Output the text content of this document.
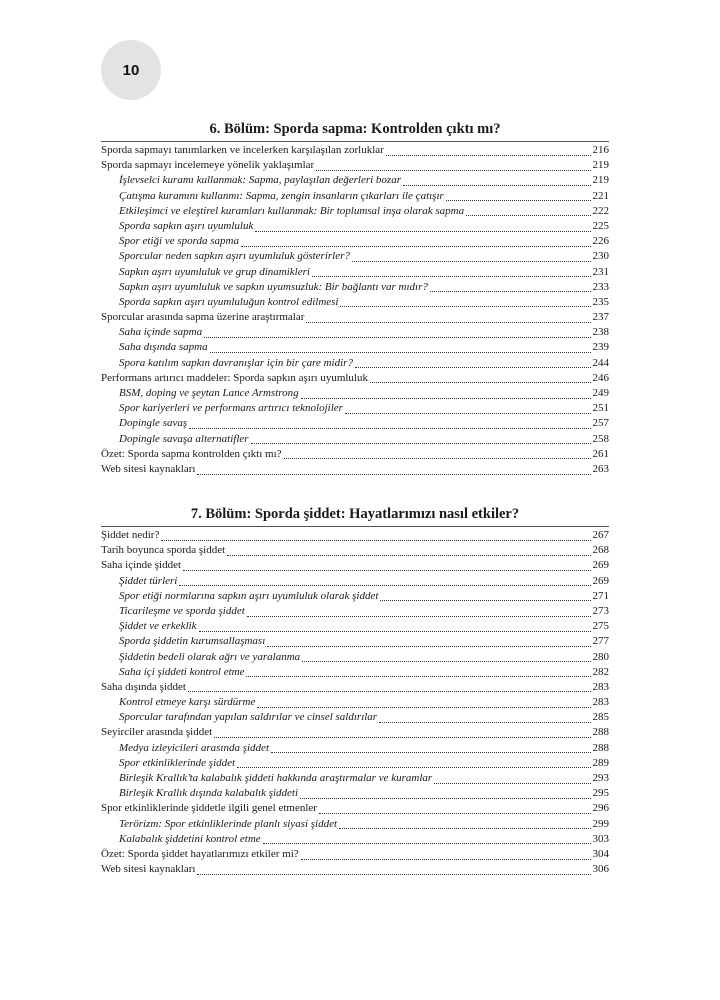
10
6. Bölüm: Sporda sapma: Kontrolden çıktı mı?
Sporda sapmayı tanımlarken ve incelerken karşılaşılan zorluklar	216
Sporda sapmayı incelemeye yönelik yaklaşımlar	219
İşlevselci kuramı kullanmak: Sapma, paylaşılan değerleri bozar	219
Çatışma kuramını kullanmı: Sapma, zengin insanların çıkarları ile çatışır	221
Etkileşimci ve eleştirel kuramları kullanmak: Bir toplumsal inşa olarak sapma	222
Sporda sapkın aşırı uyumluluk	225
Spor etiği ve sporda sapma	226
Sporcular neden sapkın aşırı uyumluluk gösterirler?	230
Sapkın aşırı uyumluluk ve grup dinamikleri	231
Sapkın aşırı uyumluluk ve sapkın uyumsuzluk: Bir bağlantı var mıdır?	233
Sporda sapkın aşırı uyumluluğun kontrol edilmesi	235
Sporcular arasında sapma üzerine araştırmalar	237
Saha içinde sapma	238
Saha dışında sapma	239
Spora katılım sapkın davranışlar için bir çare midir?	244
Performans artırıcı maddeler: Sporda sapkın aşırı uyumluluk	246
BSM, doping ve şeytan Lance Armstrong	249
Spor kariyerleri ve performans artırıcı teknolojiler	251
Dopingle savaş	257
Dopingle savaşa alternatifler	258
Özet: Sporda sapma kontrolden çıktı mı?	261
Web sitesi kaynakları	263
7. Bölüm: Sporda şiddet: Hayatlarımızı nasıl etkiler?
Şiddet nedir?	267
Tarih boyunca sporda şiddet	268
Saha içinde şiddet	269
Şiddet türleri	269
Spor etiği normlarına sapkın aşırı uyumluluk olarak şiddet	271
Ticarileşme ve sporda şiddet	273
Şiddet ve erkeklik	275
Sporda şiddetin kurumsallaşması	277
Şiddetin bedeli olarak ağrı ve yaralanma	280
Saha içi şiddeti kontrol etme	282
Saha dışında şiddet	283
Kontrol etmeye karşı sürdürme	283
Sporcular tarafından yapılan saldırılar ve cinsel saldırılar	285
Seyirciler arasında şiddet	288
Medya izleyicileri arasında şiddet	288
Spor etkinliklerinde şiddet	289
Birleşik Krallık’ta kalabalık şiddeti hakkında araştırmalar ve kuramlar	293
Birleşik Krallık dışında kalabalık şiddeti	295
Spor etkinliklerinde şiddetle ilgili genel etmenler	296
Terörizm: Spor etkinliklerinde planlı siyasi şiddet	299
Kalabalık şiddetini kontrol etme	303
Özet: Sporda şiddet hayatlarımızı etkiler mi?	304
Web sitesi kaynakları	306
